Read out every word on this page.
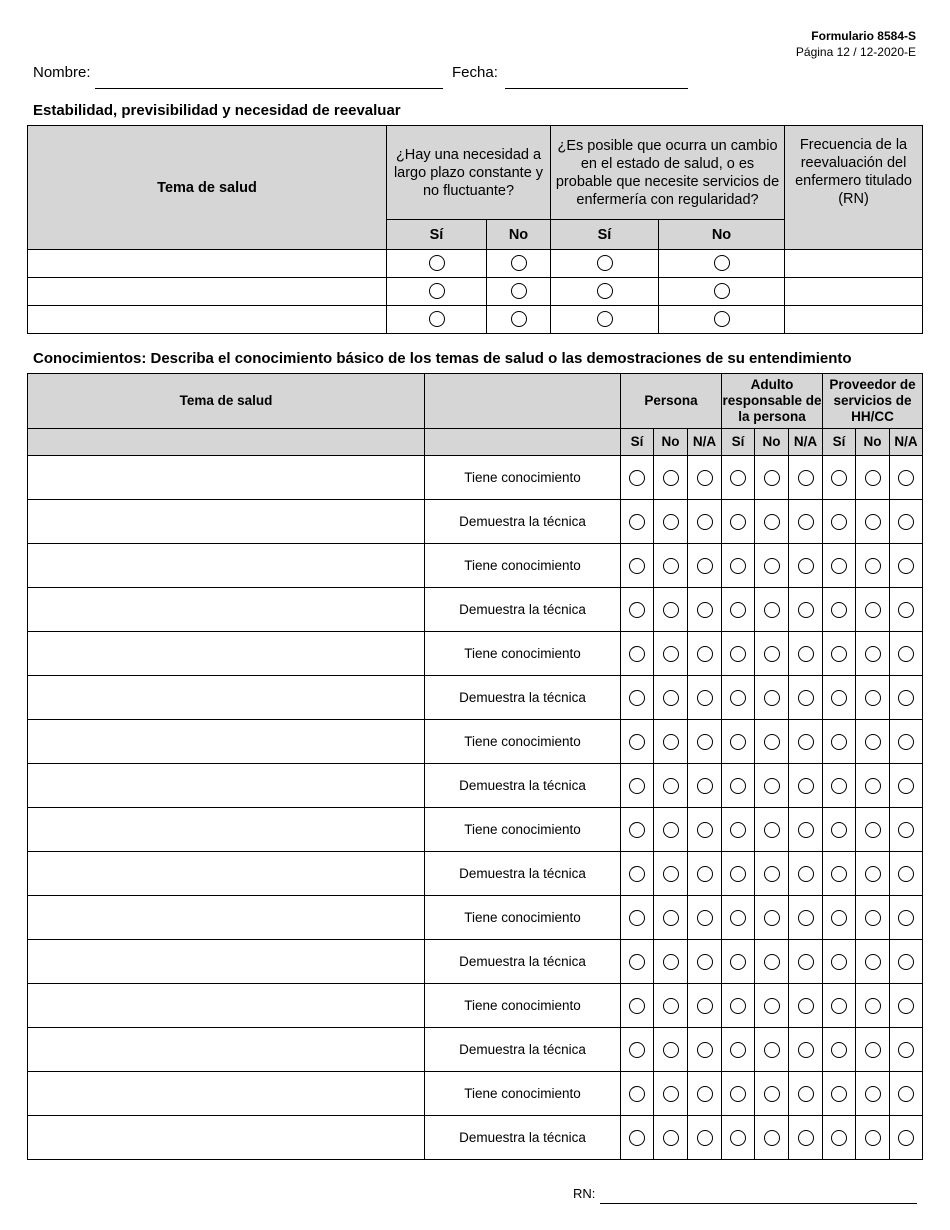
Formulario 8584-S
Página 12 / 12-2020-E
Nombre:	Fecha:
Estabilidad, previsibilidad y necesidad de reevaluar
Tema de salud	¿Hay una necesidad a largo plazo constante y no fluctuante?		¿Es posible que ocurra un cambio en el estado de salud, o es probable que necesite servicios de enfermería con regularidad?		Frecuencia de la reevaluación del enfermero titulado (RN)
	Sí	No	Sí	No	

Conocimientos: Describa el conocimiento básico de los temas de salud o las demostraciones de su entendimiento
Tema de salud		Persona			Adulto responsable de la persona			Proveedor de servicios de HH/CC		
		Sí	No	N/A	Sí	No	N/A	Sí	No	N/A
	Tiene conocimiento									
	Demuestra la técnica									
	Tiene conocimiento									
	Demuestra la técnica									
	Tiene conocimiento									
	Demuestra la técnica									
	Tiene conocimiento									
	Demuestra la técnica									
	Tiene conocimiento									
	Demuestra la técnica									
	Tiene conocimiento									
	Demuestra la técnica									
	Tiene conocimiento									
	Demuestra la técnica									
	Tiene conocimiento									
	Demuestra la técnica									
RN:
